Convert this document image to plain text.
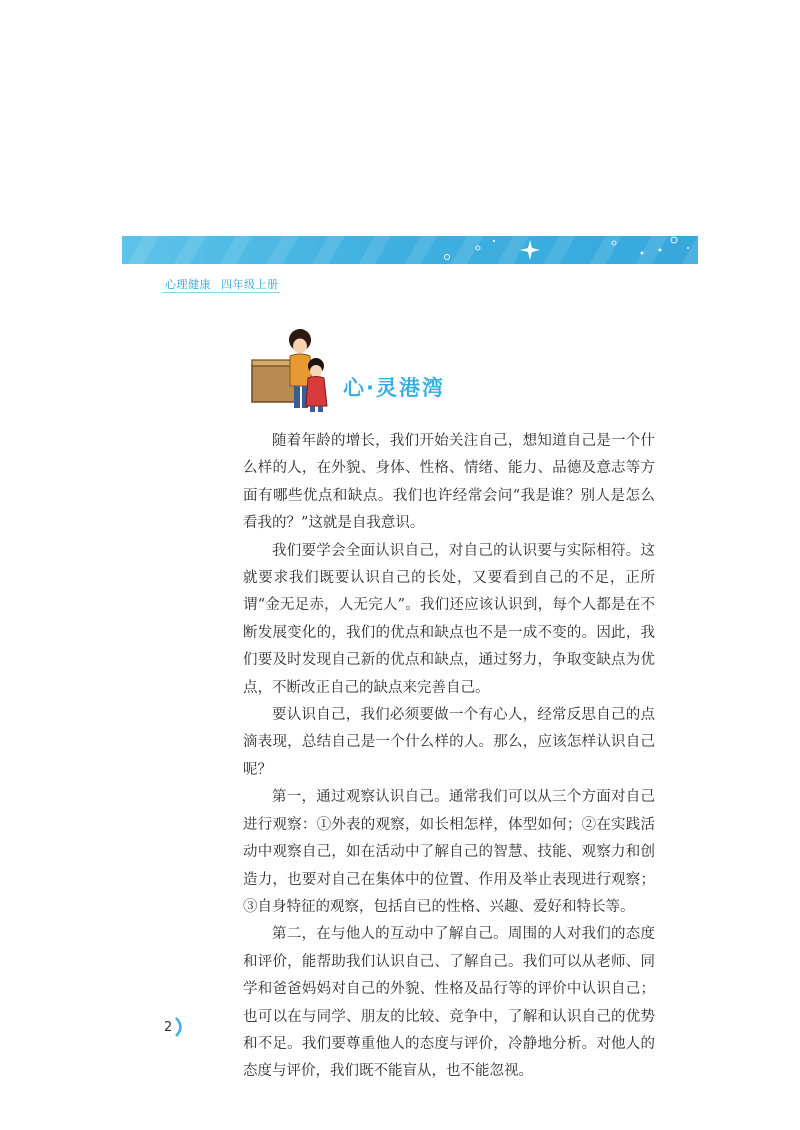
心理健康 四年级上册
心·灵港湾

随着年龄的增长，我们开始关注自己，想知道自己是一个什么样的人，在外貌、身体、性格、情绪、能力、品德及意志等方面有哪些优点和缺点。我们也许经常会问“我是谁？别人是怎么看我的？”这就是自我意识。

我们要学会全面认识自己，对自己的认识要与实际相符。这就要求我们既要认识自己的长处，又要看到自己的不足，正所谓“金无足赤，人无完人”。我们还应该认识到，每个人都是在不断发展变化的，我们的优点和缺点也不是一成不变的。因此，我们要及时发现自己新的优点和缺点，通过努力，争取变缺点为优点，不断改正自己的缺点来完善自己。

要认识自己，我们必须要做一个有心人，经常反思自己的点滴表现，总结自己是一个什么样的人。那么，应该怎样认识自己呢？

第一，通过观察认识自己。通常我们可以从三个方面对自己进行观察：①外表的观察，如长相怎样，体型如何；②在实践活动中观察自己，如在活动中了解自己的智慧、技能、观察力和创造力，也要对自己在集体中的位置、作用及举止表现进行观察；③自身特征的观察，包括自已的性格、兴趣、爱好和特长等。

第二，在与他人的互动中了解自己。周围的人对我们的态度和评价，能帮助我们认识自己、了解自己。我们可以从老师、同学和爸爸妈妈对自己的外貌、性格及品行等的评价中认识自己；也可以在与同学、朋友的比较、竞争中，了解和认识自己的优势和不足。我们要尊重他人的态度与评价，冷静地分析。对他人的态度与评价，我们既不能盲从，也不能忽视。

2
